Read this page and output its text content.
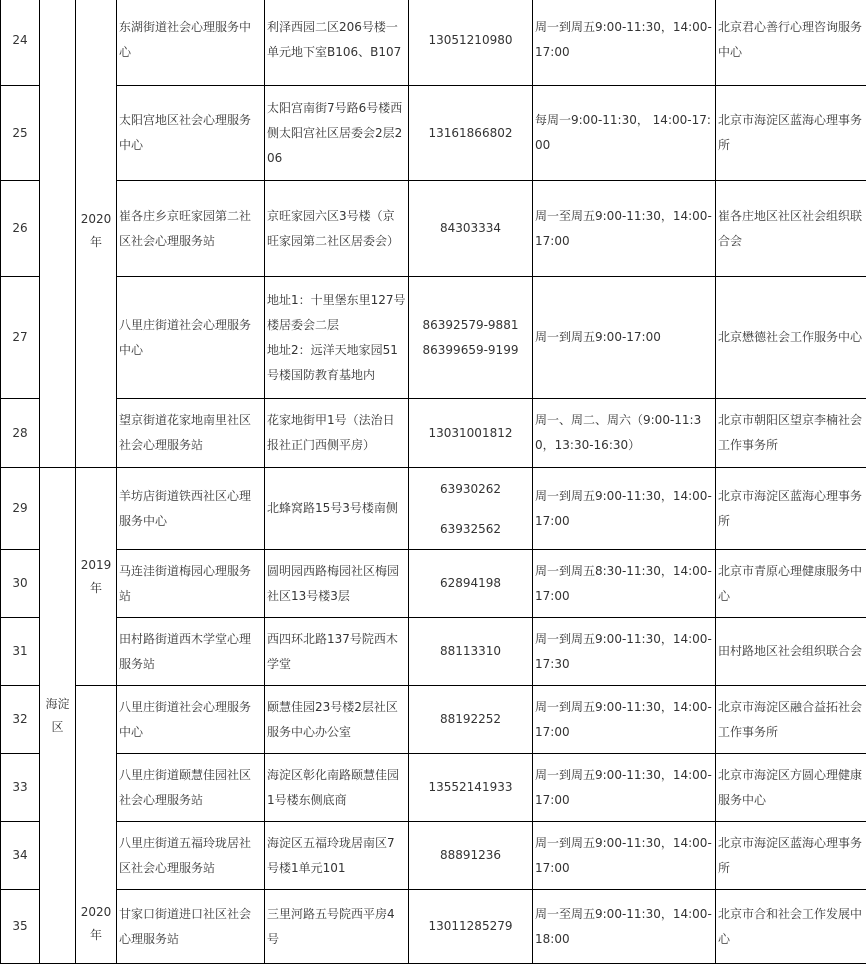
24		2020
年	东湖街道社会心理服务中心	利泽西园二区206号楼一单元地下室B106、B107	13051210980	周一到周五9:00-11:30，14:00-17:00	北京君心善行心理咨询服务中心
25			太阳宫地区社会心理服务中心	太阳宫南街7号路6号楼西侧太阳宫社区居委会2层206	13161866802	每周一9:00-11:30， 14:00-17:00	北京市海淀区蓝海心理事务所
26			崔各庄乡京旺家园第二社区社会心理服务站	京旺家园六区3号楼（京旺家园第二社区居委会）	84303334	周一至周五9:00-11:30，14:00-17:00	崔各庄地区社区社会组织联合会
27			八里庄街道社会心理服务中心	地址1：十里堡东里127号楼居委会二层
地址2：远洋天地家园51号楼国防教育基地内	86392579-9881
86399659-9199	周一到周五9:00-17:00	北京懋德社会工作服务中心
28			望京街道花家地南里社区社会心理服务站	花家地街甲1号（法治日报社正门西侧平房）	13031001812	周一、周二、周六（9:00-11:30，13:30-16:30）	北京市朝阳区望京李楠社会工作事务所
29	海淀区	2019
年	羊坊店街道铁西社区心理服务中心	北蜂窝路15号3号楼南侧	63930262
63932562	周一到周五9:00-11:30，14:00-17:00	北京市海淀区蓝海心理事务所
30			马连洼街道梅园心理服务站	圆明园西路梅园社区梅园社区13号楼3层	62894198	周一到周五8:30-11:30，14:00-17:00	北京市青原心理健康服务中心
31			田村路街道西木学堂心理服务站	西四环北路137号院西木学堂	88113310	周一到周五9:00-11:30，14:00-17:30	田村路地区社会组织联合会
32		2020
年	八里庄街道社会心理服务中心	颐慧佳园23号楼2层社区服务中心办公室	88192252	周一到周五9:00-11:30，14:00-17:00	北京市海淀区融合益拓社会工作事务所
33			八里庄街道颐慧佳园社区社会心理服务站	海淀区彰化南路颐慧佳园1号楼东侧底商	13552141933	周一到周五9:00-11:30，14:00-17:00	北京市海淀区方圆心理健康服务中心
34			八里庄街道五福玲珑居社区社会心理服务站	海淀区五福玲珑居南区7号楼1单元101	88891236	周一到周五9:00-11:30，14:00-17:00	北京市海淀区蓝海心理事务所
35			甘家口街道进口社区社会心理服务站	三里河路五号院西平房4号	13011285279	周一至周五9:00-11:30，14:00-18:00	北京市合和社会工作发展中心
